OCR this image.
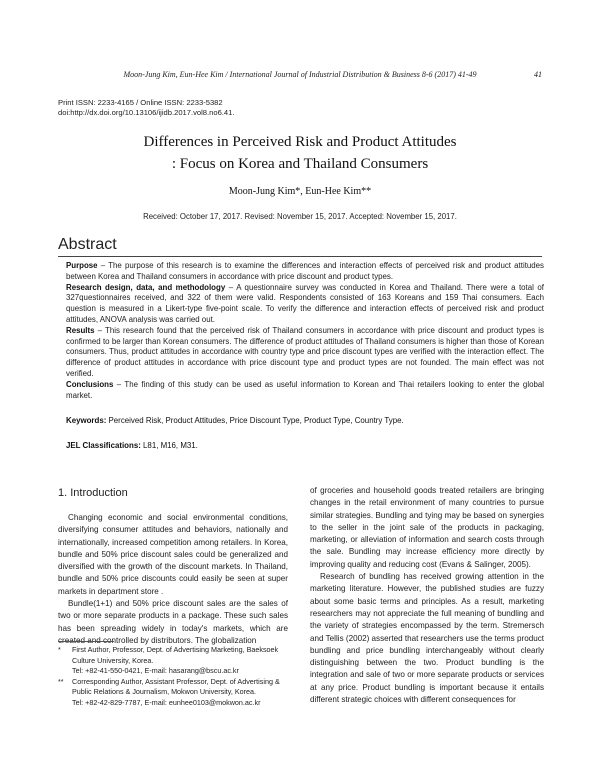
Moon-Jung Kim, Eun-Hee Kim / International Journal of Industrial Distribution & Business 8-6 (2017) 41-49	41
Print ISSN: 2233-4165 / Online ISSN: 2233-5382
doi:http://dx.doi.org/10.13106/ijidb.2017.vol8.no6.41.
Differences in Perceived Risk and Product Attitudes
: Focus on Korea and Thailand Consumers
Moon-Jung Kim*, Eun-Hee Kim**
Received: October 17, 2017. Revised: November 15, 2017. Accepted: November 15, 2017.
Abstract

Purpose – The purpose of this research is to examine the differences and interaction effects of perceived risk and product attitudes between Korea and Thailand consumers in accordance with price discount and product types.

Research design, data, and methodology – A questionnaire survey was conducted in Korea and Thailand. There were a total of 327questionnaires received, and 322 of them were valid. Respondents consisted of 163 Koreans and 159 Thai consumers. Each question is measured in a Likert-type five-point scale. To verify the difference and interaction effects of perceived risk and product attitudes, ANOVA analysis was carried out.

Results – This research found that the perceived risk of Thailand consumers in accordance with price discount and product types is confirmed to be larger than Korean consumers. The difference of product attitudes of Thailand consumers is higher than those of Korean consumers. Thus, product attitudes in accordance with country type and price discount types are verified with the interaction effect. The difference of product attitudes in accordance with price discount type and product types are not founded. The main effect was not verified.

Conclusions – The finding of this study can be used as useful information to Korean and Thai retailers looking to enter the global market.

Keywords: Perceived Risk, Product Attitudes, Price Discount Type, Product Type, Country Type.
JEL Classifications: L81, M16, M31.
1. Introduction

Changing economic and social environmental conditions, diversifying consumer attitudes and behaviors, nationally and internationally, increased competition among retailers. In Korea, bundle and 50% price discount sales could be generalized and diversified with the growth of the discount markets. In Thailand, bundle and 50% price discounts could easily be seen at super markets in department store .

Bundle(1+1) and 50% price discount sales are the sales of two or more separate products in a package. These such sales has been spreading widely in today's markets, which are created and controlled by distributors. The globalization

of groceries and household goods treated retailers are bringing changes in the retail environment of many countries to pursue similar strategies. Bundling and tying may be based on synergies to the seller in the joint sale of the products in packaging, marketing, or alleviation of information and search costs through the sale. Bundling may increase efficiency more directly by improving quality and reducing cost (Evans & Salinger, 2005).

Research of bundling has received growing attention in the marketing literature. However, the published studies are fuzzy about some basic terms and principles. As a result, marketing researchers may not appreciate the full meaning of bundling and the variety of strategies encompassed by the term. Stremersch and Tellis (2002) asserted that researchers use the terms product bundling and price bundling interchangeably without clearly distinguishing between the two. Product bundling is the integration and sale of two or more separate products or services at any price. Product bundling is important because it entails different strategic choices with different consequences for

*	First Author, Professor, Dept. of Advertising Marketing, Baeksoek Culture University, Korea.
Tel: +82-41-550-0421, E-mail: hasarang@bscu.ac.kr
**	Corresponding Author, Assistant Professor, Dept. of Advertising & Public Relations & Journalism, Mokwon University, Korea.
Tel: +82-42-829-7787, E-mail: eunhee0103@mokwon.ac.kr
